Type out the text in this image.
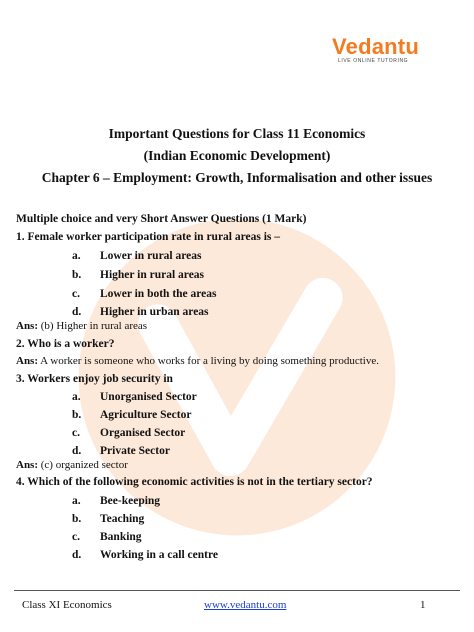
Vedantu
LIVE ONLINE TUTORING
Important Questions for Class 11 Economics
(Indian Economic Development)
Chapter 6 – Employment: Growth, Informalisation and other issues
Multiple choice and very Short Answer Questions (1 Mark)
1. Female worker participation rate in rural areas is –
a. Lower in rural areas
b. Higher in rural areas
c. Lower in both the areas
d. Higher in urban areas
Ans: (b) Higher in rural areas
2. Who is a worker?
Ans: A worker is someone who works for a living by doing something productive.
3. Workers enjoy job security in
a. Unorganised Sector
b. Agriculture Sector
c. Organised Sector
d. Private Sector
Ans: (c) organized sector
4. Which of the following economic activities is not in the tertiary sector?
a. Bee-keeping
b. Teaching
c. Banking
d. Working in a call centre
Class XI Economics	www.vedantu.com	1
